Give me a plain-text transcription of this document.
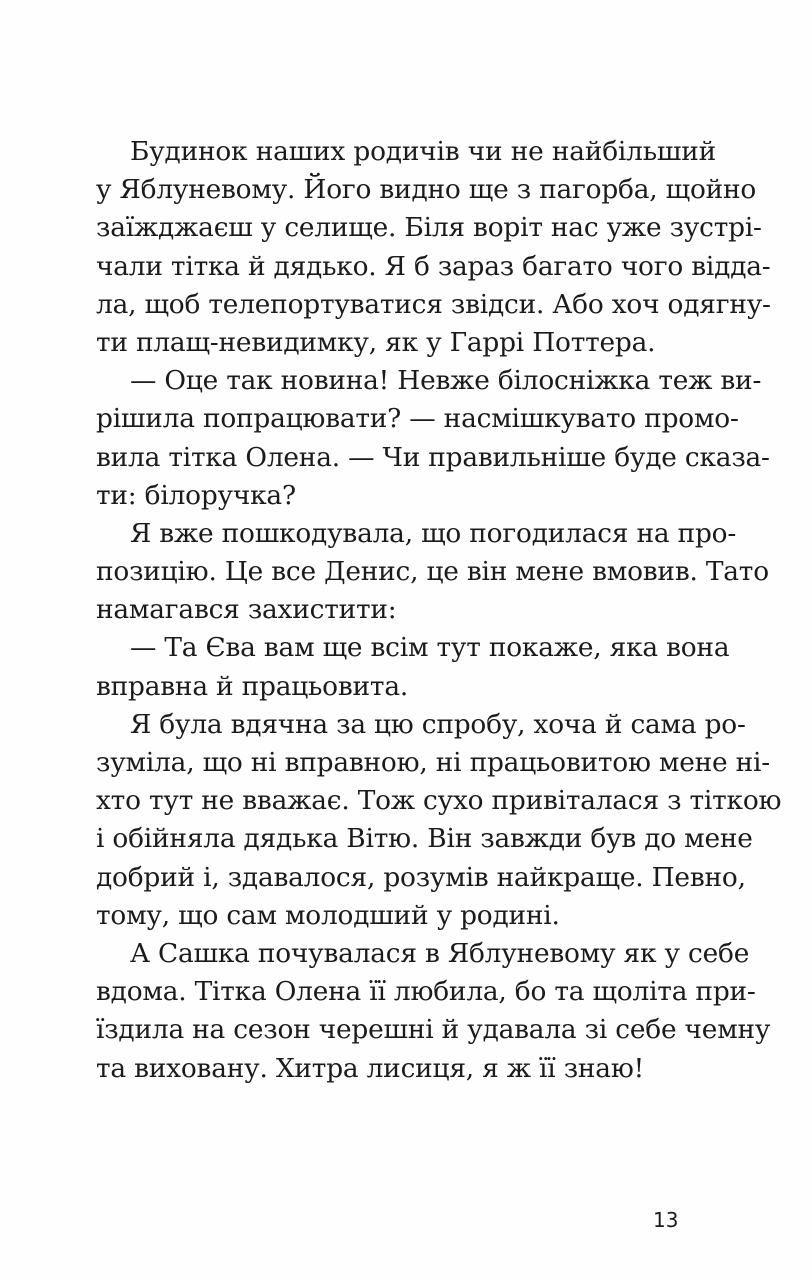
Будинок наших родичів чи не найбільший
у Яблуневому. Його видно ще з пагорба, щойно
заїжджаєш у селище. Біля воріт нас уже зустрі-
чали тітка й дядько. Я б зараз багато чого відда-
ла, щоб телепортуватися звідси. Або хоч одягну-
ти плащ-невидимку, як у Гаррі Поттера.
— Оце так новина! Невже білосніжка теж ви-
рішила попрацювати? — насмішкувато промо-
вила тітка Олена. — Чи правильніше буде сказа-
ти: білоручка?
Я вже пошкодувала, що погодилася на про-
позицію. Це все Денис, це він мене вмовив. Тато
намагався захистити:
— Та Єва вам ще всім тут покаже, яка вона
вправна й працьовита.
Я була вдячна за цю спробу, хоча й сама ро-
зуміла, що ні вправною, ні працьовитою мене ні-
хто тут не вважає. Тож сухо привіталася з тіткою
і обійняла дядька Вітю. Він завжди був до мене
добрий і, здавалося, розумів найкраще. Певно,
тому, що сам молодший у родині.
А Сашка почувалася в Яблуневому як у себе
вдома. Тітка Олена її любила, бо та щоліта при-
їздила на сезон черешні й удавала зі себе чемну
та виховану. Хитра лисиця, я ж її знаю!
13
